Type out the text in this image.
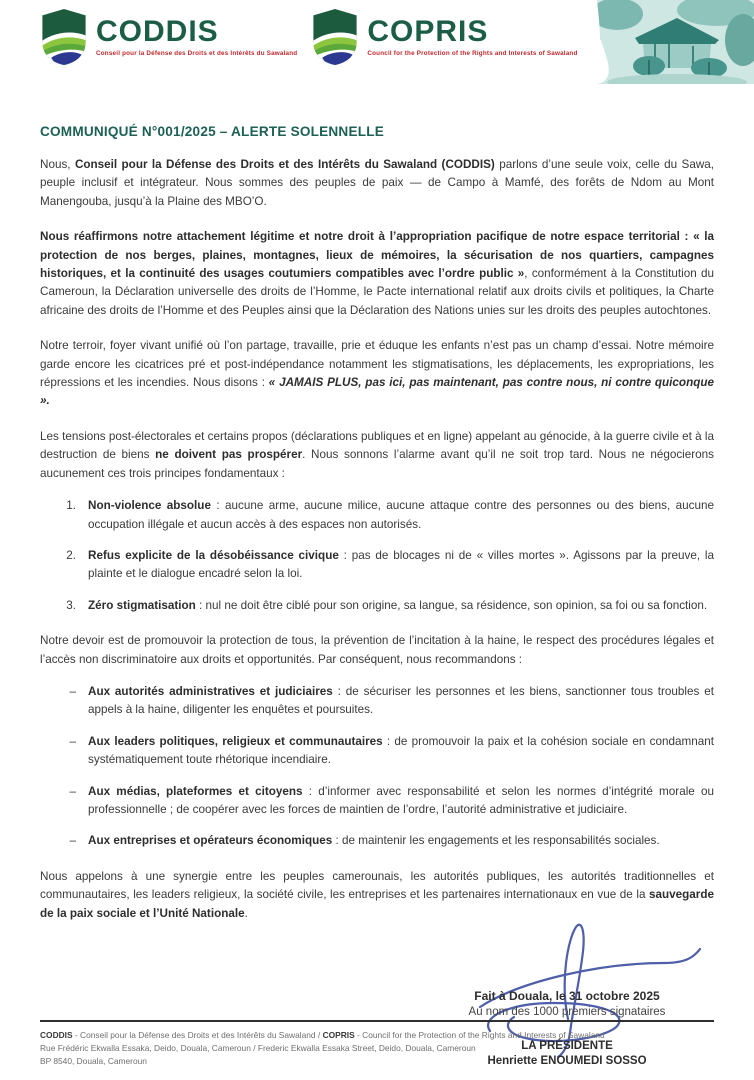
CODDIS
Conseil pour la Défense des Droits et des Intérêts du Sawaland
COPRIS
Council for the Protection of the Rights and Interests of Sawaland
COMMUNIQUÉ N°001/2025 – ALERTE SOLENNELLE

Nous, Conseil pour la Défense des Droits et des Intérêts du Sawaland (CODDIS) parlons d’une seule voix, celle du Sawa, peuple inclusif et intégrateur. Nous sommes des peuples de paix — de Campo à Mamfé, des forêts de Ndom au Mont Manengouba, jusqu’à la Plaine des MBO’O.

Nous réaffirmons notre attachement légitime et notre droit à l’appropriation pacifique de notre espace territorial : « la protection de nos berges, plaines, montagnes, lieux de mémoires, la sécurisation de nos quartiers, campagnes historiques, et la continuité des usages coutumiers compatibles avec l’ordre public », conformément à la Constitution du Cameroun, la Déclaration universelle des droits de l’Homme, le Pacte international relatif aux droits civils et politiques, la Charte africaine des droits de l’Homme et des Peuples ainsi que la Déclaration des Nations unies sur les droits des peuples autochtones.

Notre terroir, foyer vivant unifié où l’on partage, travaille, prie et éduque les enfants n’est pas un champ d’essai. Notre mémoire garde encore les cicatrices pré et post-indépendance notamment les stigmatisations, les déplacements, les expropriations, les répressions et les incendies. Nous disons : « JAMAIS PLUS, pas ici, pas maintenant, pas contre nous, ni contre quiconque ».

Les tensions post-électorales et certains propos (déclarations publiques et en ligne) appelant au génocide, à la guerre civile et à la destruction de biens ne doivent pas prospérer. Nous sonnons l’alarme avant qu’il ne soit trop tard. Nous ne négocierons aucunement ces trois principes fondamentaux :

1.	Non-violence absolue : aucune arme, aucune milice, aucune attaque contre des personnes ou des biens, aucune occupation illégale et aucun accès à des espaces non autorisés.
2.	Refus explicite de la désobéissance civique : pas de blocages ni de « villes mortes ». Agissons par la preuve, la plainte et le dialogue encadré selon la loi.
3.	Zéro stigmatisation : nul ne doit être ciblé pour son origine, sa langue, sa résidence, son opinion, sa foi ou sa fonction.

Notre devoir est de promouvoir la protection de tous, la prévention de l’incitation à la haine, le respect des procédures légales et l’accès non discriminatoire aux droits et opportunités. Par conséquent, nous recommandons :

–	Aux autorités administratives et judiciaires : de sécuriser les personnes et les biens, sanctionner tous troubles et appels à la haine, diligenter les enquêtes et poursuites.
–	Aux leaders politiques, religieux et communautaires : de promouvoir la paix et la cohésion sociale en condamnant systématiquement toute rhétorique incendiaire.
–	Aux médias, plateformes et citoyens : d’informer avec responsabilité et selon les normes d’intégrité morale ou professionnelle ; de coopérer avec les forces de maintien de l’ordre, l’autorité administrative et judiciaire.
–	Aux entreprises et opérateurs économiques : de maintenir les engagements et les responsabilités sociales.

Nous appelons à une synergie entre les peuples camerounais, les autorités publiques, les autorités traditionnelles et communautaires, les leaders religieux, la société civile, les entreprises et les partenaires internationaux en vue de la sauvegarde de la paix sociale et l’Unité Nationale.

Fait à Douala, le 31 octobre 2025
Au nom des 1000 premiers signataires
LA PRÉSIDENTE
Henriette ENOUMEDI SOSSO
CODDIS - Conseil pour la Défense des Droits et des Intérêts du Sawaland / COPRIS - Council for the Protection of the Rights and Interests of Sawaland
Rue Frédéric Ekwalla Essaka, Deido, Douala, Cameroun / Frederic Ekwalla Essaka Street, Deido, Douala, Cameroun
BP 8540, Douala, Cameroun
